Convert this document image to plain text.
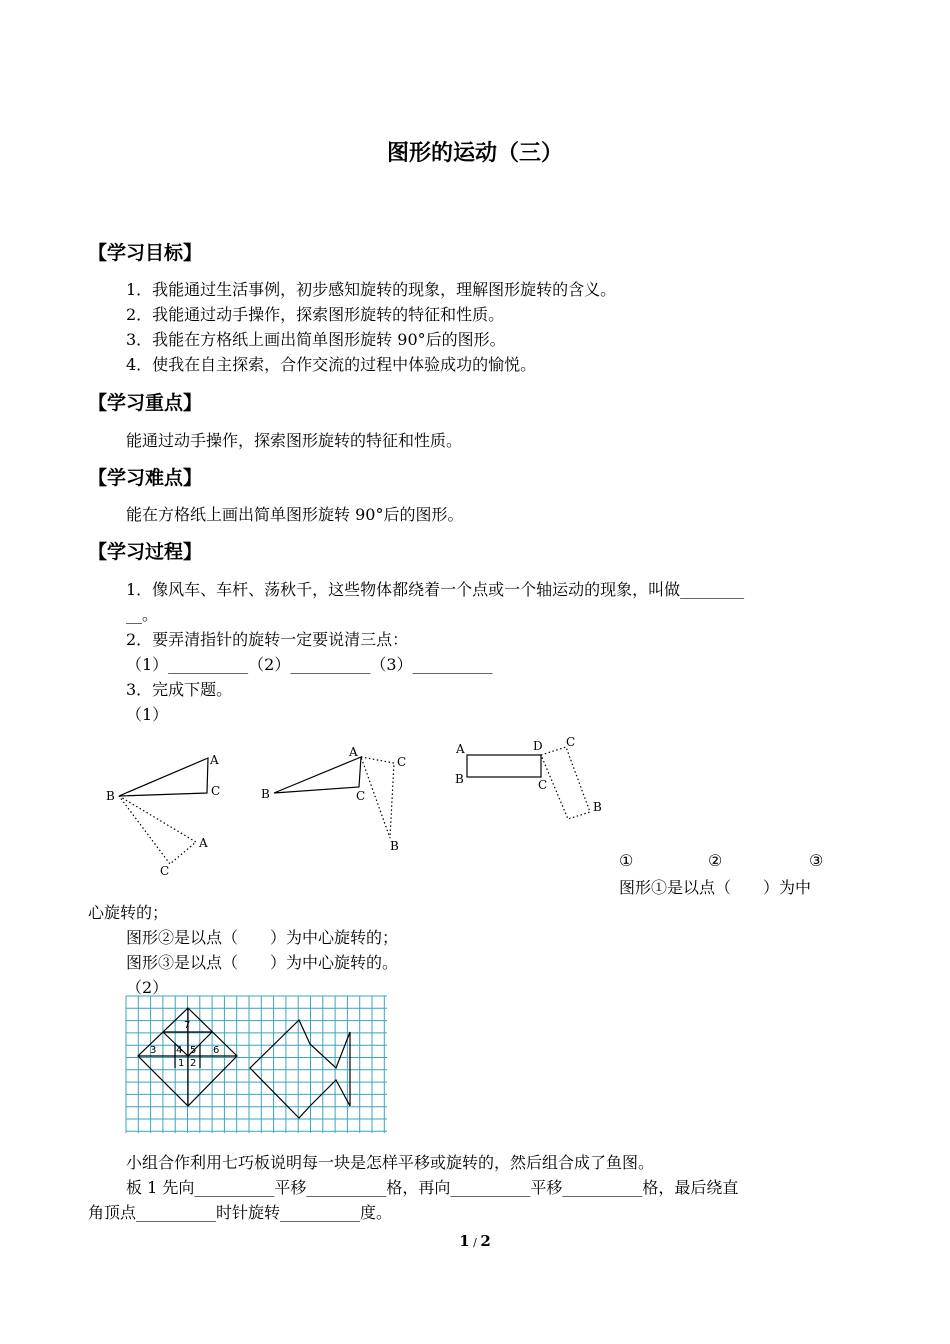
图形的运动（三）
【学习目标】
1．我能通过生活事例，初步感知旋转的现象，理解图形旋转的含义。
2．我能通过动手操作，探索图形旋转的特征和性质。
3．我能在方格纸上画出简单图形旋转 90°后的图形。
4．使我在自主探索，合作交流的过程中体验成功的愉悦。
【学习重点】
能通过动手操作，探索图形旋转的特征和性质。
【学习难点】
能在方格纸上画出简单图形旋转 90°后的图形。
【学习过程】
1．像风车、车杆、荡秋千，这些物体都绕着一个点或一个轴运动的现象，叫做________
__。
2．要弄清指针的旋转一定要说清三点：
（1）__________（2）__________（3）__________
3．完成下题。
（1）
B
A
C
A
C
B
A
C
C
B
A
B
D C
C
B
①	②	③
图形①是以点（　　）为中
心旋转的；
图形②是以点（　　）为中心旋转的；
图形③是以点（　　）为中心旋转的。
（2）
7
3 4 5 6
1 2
小组合作利用七巧板说明每一块是怎样平移或旋转的，然后组合成了鱼图。
板 1 先向__________平移__________格，再向__________平移__________格，最后绕直
角顶点__________时针旋转__________度。
1 / 2
